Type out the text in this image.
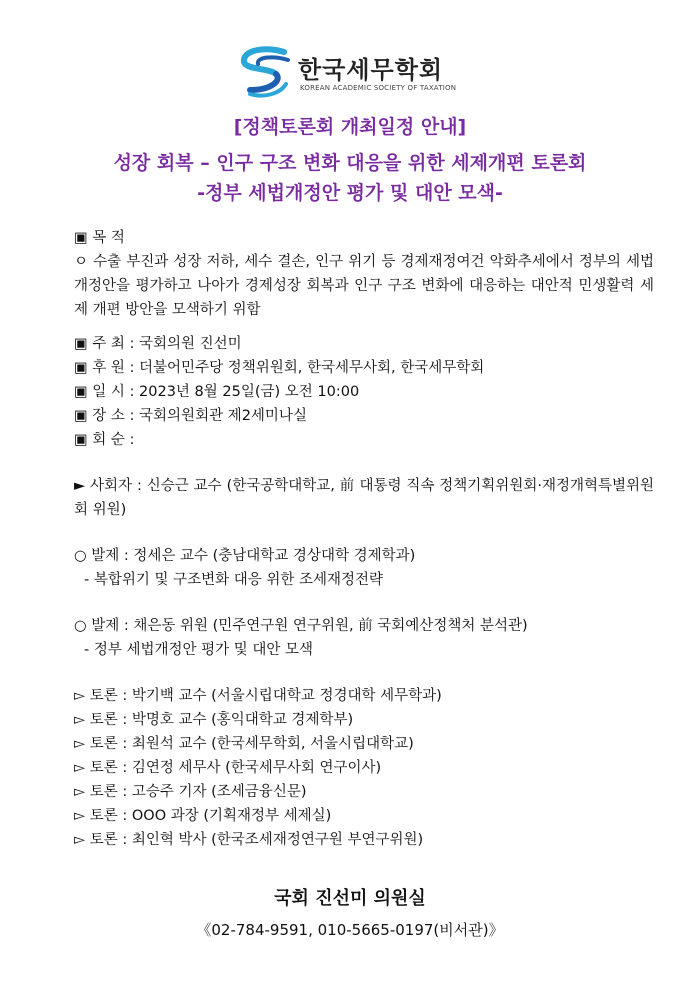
한국세무학회
KOREAN ACADEMIC SOCIETY OF TAXATION
[정책토론회 개최일정 안내]
성장 회복 – 인구 구조 변화 대응을 위한 세제개편 토론회
-정부 세법개정안 평가 및 대안 모색-
▣ 목 적
ㅇ 수출 부진과 성장 저하, 세수 결손, 인구 위기 등 경제재정여건 악화추세에서 정부의 세법개정안을 평가하고 나아가 경제성장 회복과 인구 구조 변화에 대응하는 대안적 민생활력 세제 개편 방안을 모색하기 위함
▣ 주 최 : 국회의원 진선미
▣ 후 원 : 더불어민주당 정책위원회, 한국세무사회, 한국세무학회
▣ 일 시 : 2023년 8월 25일(금) 오전 10:00
▣ 장 소 : 국회의원회관 제2세미나실
▣ 회 순 :
► 사회자 : 신승근 교수 (한국공학대학교, 前 대통령 직속 정책기획위원회·재정개혁특별위원회 위원)
○ 발제 : 정세은 교수 (충남대학교 경상대학 경제학과)
- 복합위기 및 구조변화 대응 위한 조세재정전략
○ 발제 : 채은동 위원 (민주연구원 연구위원, 前 국회예산정책처 분석관)
- 정부 세법개정안 평가 및 대안 모색
▻ 토론 : 박기백 교수 (서울시립대학교 정경대학 세무학과)
▻ 토론 : 박명호 교수 (홍익대학교 경제학부)
▻ 토론 : 최원석 교수 (한국세무학회, 서울시립대학교)
▻ 토론 : 김연정 세무사 (한국세무사회 연구이사)
▻ 토론 : 고승주 기자 (조세금융신문)
▻ 토론 : OOO 과장 (기획재정부 세제실)
▻ 토론 : 최인혁 박사 (한국조세재정연구원 부연구위원)
국회 진선미 의원실
《02-784-9591, 010-5665-0197(비서관)》
